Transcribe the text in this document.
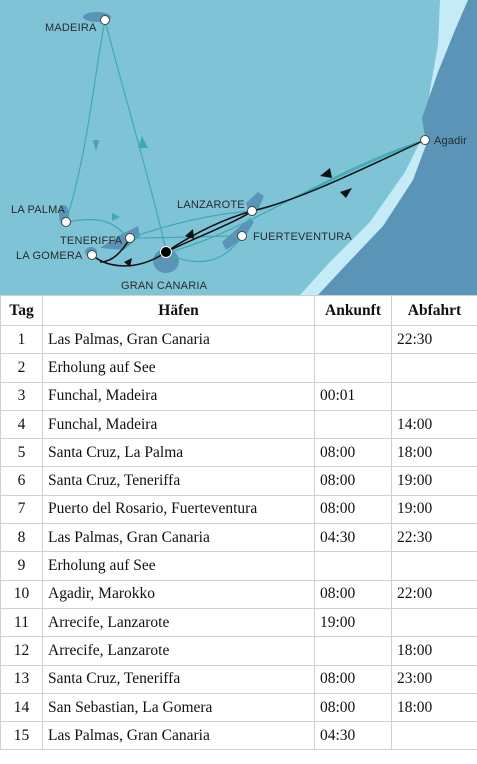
MADEIRA
LA PALMA
TENERIFFA
LA GOMERA
LANZAROTE
FUERTEVENTURA
GRAN CANARIA
Agadir
Tag	Häfen	Ankunft	Abfahrt
1	Las Palmas, Gran Canaria		22:30
2	Erholung auf See		
3	Funchal, Madeira	00:01	
4	Funchal, Madeira		14:00
5	Santa Cruz, La Palma	08:00	18:00
6	Santa Cruz, Teneriffa	08:00	19:00
7	Puerto del Rosario, Fuerteventura	08:00	19:00
8	Las Palmas, Gran Canaria	04:30	22:30
9	Erholung auf See		
10	Agadir, Marokko	08:00	22:00
11	Arrecife, Lanzarote	19:00	
12	Arrecife, Lanzarote		18:00
13	Santa Cruz, Teneriffa	08:00	23:00
14	San Sebastian, La Gomera	08:00	18:00
15	Las Palmas, Gran Canaria	04:30	
